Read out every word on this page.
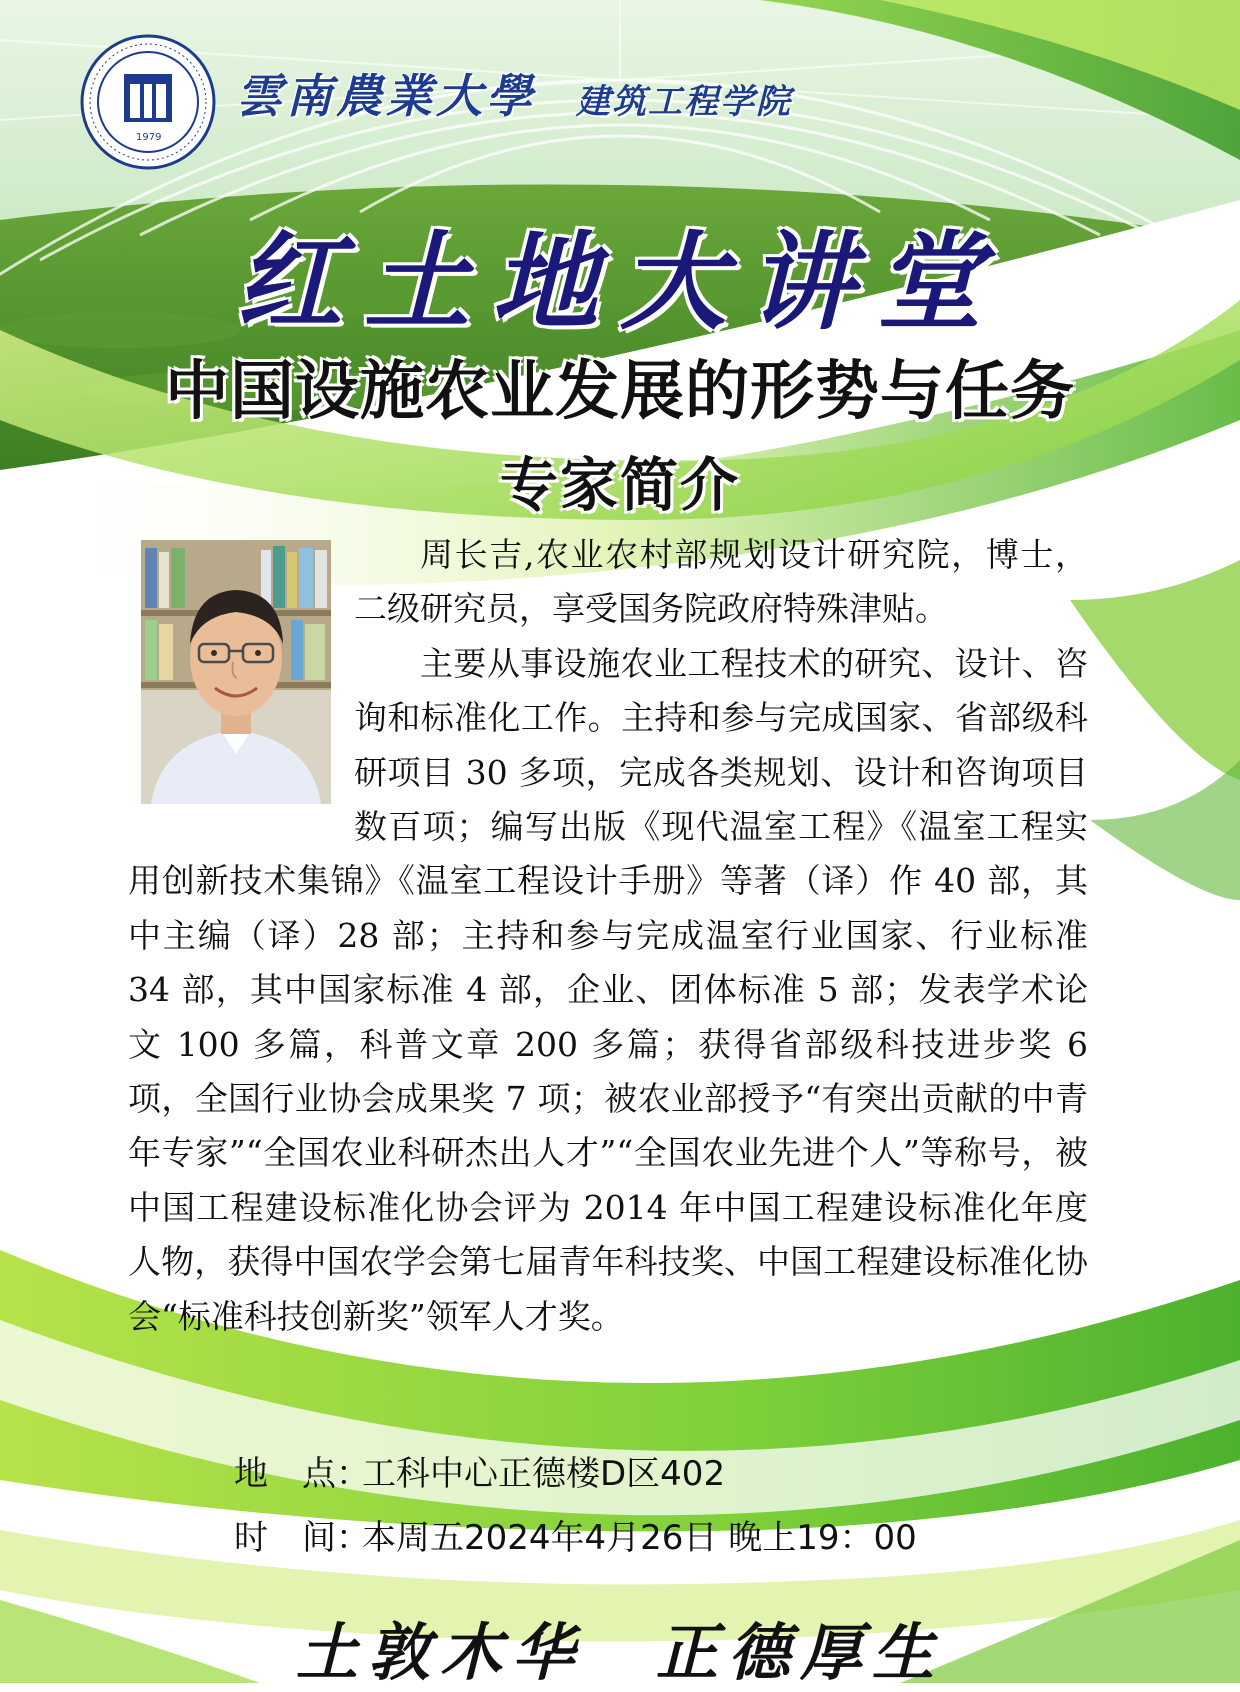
1979
雲南農業大學 建筑工程学院
红土地大讲堂
中国设施农业发展的形势与任务
专家简介

周长吉,农业农村部规划设计研究院，博士，二级研究员，享受国务院政府特殊津贴。

主要从事设施农业工程技术的研究、设计、咨询和标准化工作。主持和参与完成国家、省部级科研项目 30 多项，完成各类规划、设计和咨询项目数百项；编写出版《现代温室工程》《温室工程实用创新技术集锦》《温室工程设计手册》等著（译）作 40 部，其中主编（译）28 部；主持和参与完成温室行业国家、行业标准 34 部，其中国家标准 4 部，企业、团体标准 5 部；发表学术论文 100 多篇，科普文章 200 多篇；获得省部级科技进步奖 6 项，全国行业协会成果奖 7 项；被农业部授予“有突出贡献的中青年专家”“全国农业科研杰出人才”“全国农业先进个人”等称号，被中国工程建设标准化协会评为 2014 年中国工程建设标准化年度人物，获得中国农学会第七届青年科技奖、中国工程建设标准化协会“标准科技创新奖”领军人才奖。

地　点：工科中心正德楼D区402
时　间：本周五2024年4月26日 晚上19：00
土敦木华　正德厚生
